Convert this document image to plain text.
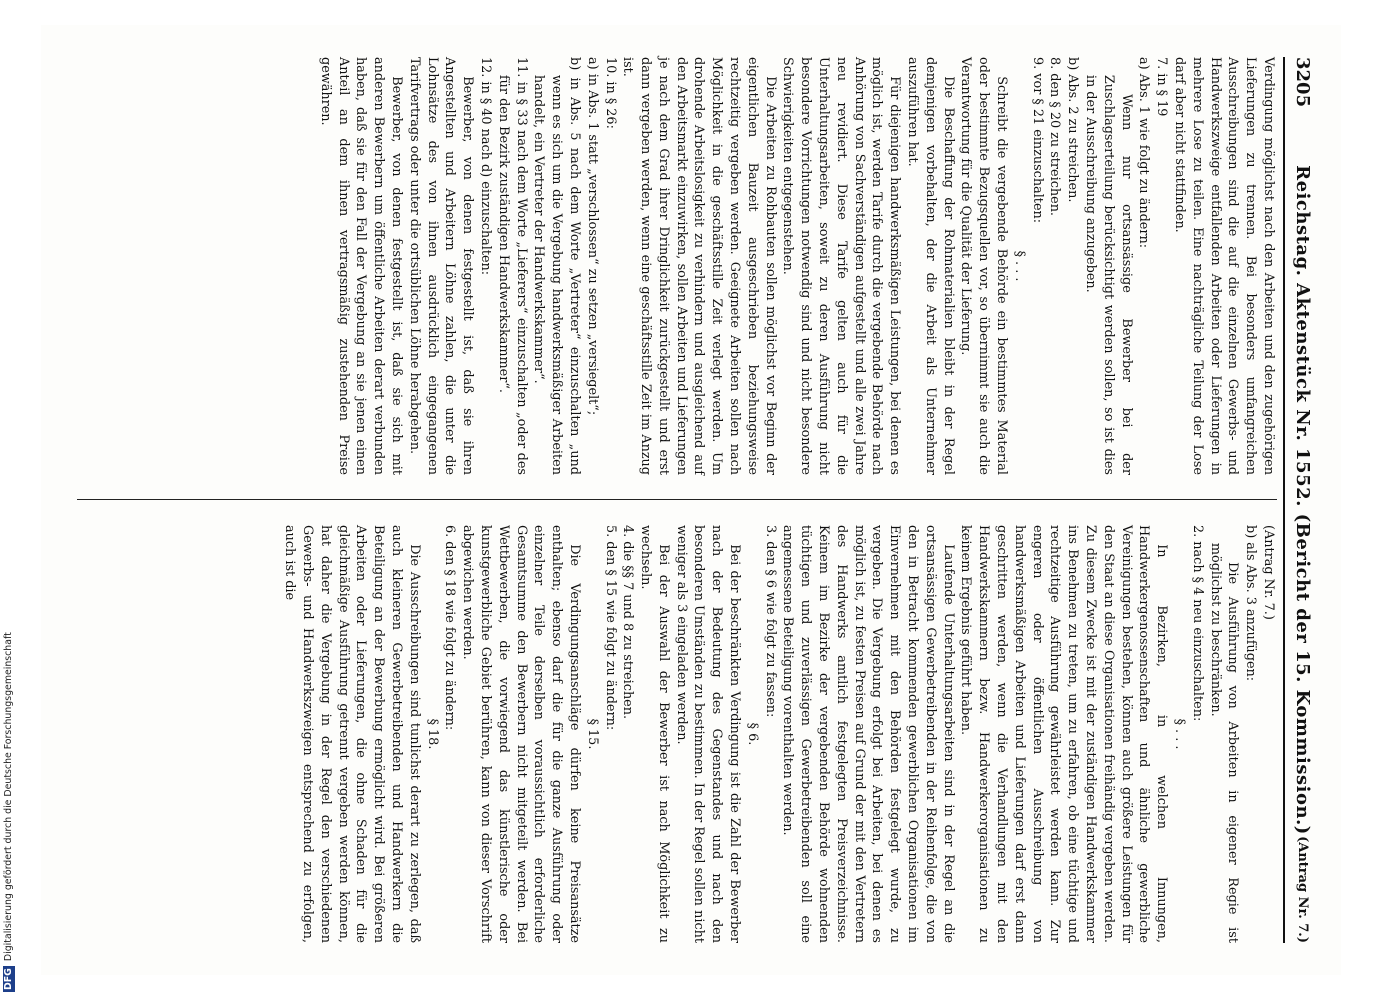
DFGDigitalisierung gefördert durch die Deutsche Forschungsgemeinschaft
3205
Reichstag. Aktenstück Nr. 1552. (Bericht der 15. Kommission.)
(Antrag Nr. 7.)

Verdingung möglichst nach den Arbeiten und den zugehörigen Lieferungen zu trennen. Bei besonders umfangreichen Ausschreibungen sind die auf die einzelnen Gewerbs- und Handwerkszweige entfallenden Arbeiten oder Lieferungen in mehrere Lose zu teilen. Eine nachträgliche Teilung der Lose darf aber nicht stattfinden.

7. in § 19

a) Abs. 1 wie folgt zu ändern:

Wenn nur ortsansässige Bewerber bei der Zuschlagserteilung berücksichtigt werden sollen, so ist dies in der Ausschreibung anzugeben.

b) Abs. 2 zu streichen.

8. den § 20 zu streichen.

9. vor § 21 einzuschalten:

§ . . .

Schreibt die vergebende Behörde ein bestimmtes Material oder bestimmte Bezugsquellen vor, so übernimmt sie auch die Verantwortung für die Qualität der Lieferung.

Die Beschaffung der Rohmaterialien bleibt in der Regel demjenigen vorbehalten, der die Arbeit als Unternehmer auszuführen hat.

Für diejenigen handwerksmäßigen Leistungen, bei denen es möglich ist, werden Tarife durch die vergebende Behörde nach Anhörung von Sachverständigen aufgestellt und alle zwei Jahre neu revidiert. Diese Tarife gelten auch für die Unterhaltungsarbeiten, soweit zu deren Ausführung nicht besondere Vorrichtungen notwendig sind und nicht besondere Schwierigkeiten entgegenstehen.

Die Arbeiten zu Rohbauten sollen möglichst vor Beginn der eigentlichen Bauzeit ausgeschrieben beziehungsweise rechtzeitig vergeben werden. Geeignete Arbeiten sollen nach Möglichkeit in die geschäftsstille Zeit verlegt werden. Um drohende Arbeitslosigkeit zu verhindern und ausgleichend auf den Arbeitsmarkt einzuwirken, sollen Arbeiten und Lieferungen je nach dem Grad ihrer Dringlichkeit zurückgestellt und erst dann vergeben werden, wenn eine geschäftsstille Zeit im Anzug ist.

10. in § 26:

a) in Abs. 1 statt „verschlossen“ zu setzen „versiegelt“;

b) in Abs. 5 nach dem Worte „Vertreter“ einzuschalten „und wenn es sich um die Vergebung handwerksmäßiger Arbeiten handelt, ein Vertreter der Handwerkskammer“.

11. in § 33 nach dem Worte „Lieferers“ einzuschalten „oder des für den Bezirk zuständigen Handwerkskammer“.

12. in § 40 nach d) einzuschalten:

Bewerber, von denen festgestellt ist, daß sie ihren Angestellten und Arbeitern Löhne zahlen, die unter die Lohnsätze des von ihnen ausdrücklich eingegangenen Tarifvertrags oder unter die ortsüblichen Löhne herabgehen.

Bewerber, von denen festgestellt ist, daß sie sich mit anderen Bewerbern um öffentliche Arbeiten derart verbunden haben, daß sie für den Fall der Vergebung an sie jenen einen Anteil an dem ihnen vertragsmäßig zustehenden Preise gewähren.

(Antrag Nr. 7.)

b) als Abs. 3 anzufügen:

Die Ausführung von Arbeiten in eigener Regie ist möglichst zu beschränken.

2. nach § 4 neu einzuschalten:

§ . . .

In Bezirken, in welchen Innungen, Handwerkergenossenschaften und ähnliche gewerbliche Vereinigungen bestehen, können auch größere Leistungen für den Staat an diese Organisationen freihändig vergeben werden. Zu diesem Zwecke ist mit der zuständigen Handwerkskammer ins Benehmen zu treten, um zu erfahren, ob eine tüchtige und rechtzeitige Ausführung gewährleistet werden kann. Zur engeren oder öffentlichen Ausschreibung von handwerksmäßigen Arbeiten und Lieferungen darf erst dann geschritten werden, wenn die Verhandlungen mit den Handwerkskammern bezw. Handwerkerorganisationen zu keinem Ergebnis geführt haben.

Laufende Unterhaltungsarbeiten sind in der Regel an die ortsansässigen Gewerbetreibenden in der Reihenfolge, die von den in Betracht kommenden gewerblichen Organisationen im Einvernehmen mit den Behörden festgelegt wurde, zu vergeben. Die Vergebung erfolgt bei Arbeiten, bei denen es möglich ist, zu festen Preisen auf Grund der mit den Vertretern des Handwerks amtlich festgelegten Preisverzeichnisse. Keinem im Bezirke der vergebenden Behörde wohnenden tüchtigen und zuverlässigen Gewerbetreibenden soll eine angemessene Beteiligung vorenthalten werden.

3. den § 6 wie folgt zu fassen:

§ 6.

Bei der beschränkten Verdingung ist die Zahl der Bewerber nach der Bedeutung des Gegenstandes und nach den besonderen Umständen zu bestimmen. In der Regel sollen nicht weniger als 3 eingeladen werden.

Bei der Auswahl der Bewerber ist nach Möglichkeit zu wechseln.

4. die §§ 7 und 8 zu streichen.

5. den § 15 wie folgt zu ändern:

§ 15.

Die Verdingungsanschläge dürfen keine Preisansätze enthalten; ebenso darf die für die ganze Ausführung oder einzelner Teile derselben voraussichtlich erforderliche Gesamtsumme den Bewerbern nicht mitgeteilt werden. Bei Wettbewerben, die vorwiegend das künstlerische oder kunstgewerbliche Gebiet berühren, kann von dieser Vorschrift abgewichen werden.

6. den § 18 wie folgt zu ändern:

§ 18.

Die Ausschreibungen sind tunlichst derart zu zerlegen, daß auch kleineren Gewerbetreibenden und Handwerkern die Beteiligung an der Bewerbung ermöglicht wird. Bei größeren Arbeiten oder Lieferungen, die ohne Schaden für die gleichmäßige Ausführung getrennt vergeben werden können, hat daher die Vergebung in der Regel den verschiedenen Gewerbs- und Handwerkszweigen entsprechend zu erfolgen, auch ist die
